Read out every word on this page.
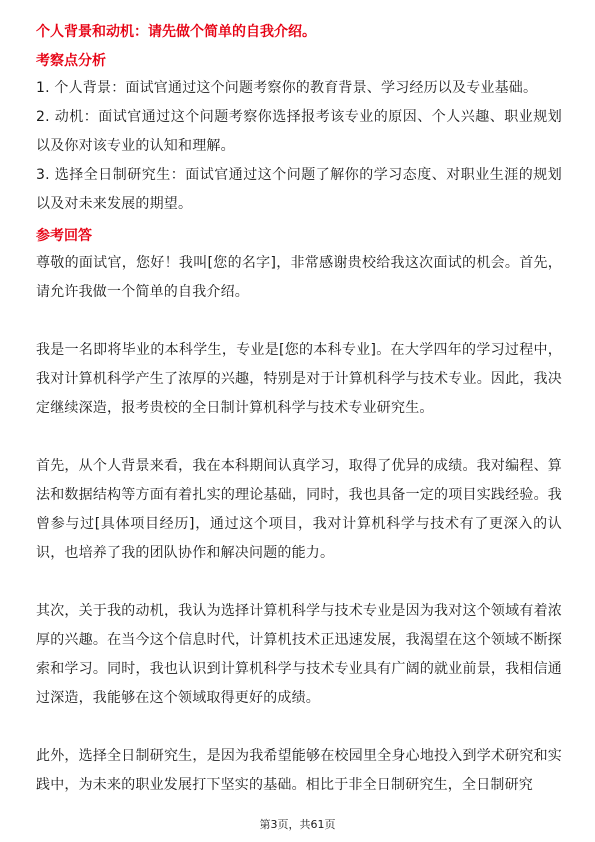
个人背景和动机：请先做个简单的自我介绍。

考察点分析

1. 个人背景：面试官通过这个问题考察你的教育背景、学习经历以及专业基础。

2. 动机：面试官通过这个问题考察你选择报考该专业的原因、个人兴趣、职业规划以及你对该专业的认知和理解。

3. 选择全日制研究生：面试官通过这个问题了解你的学习态度、对职业生涯的规划以及对未来发展的期望。

参考回答

尊敬的面试官，您好！我叫[您的名字]，非常感谢贵校给我这次面试的机会。首先，请允许我做一个简单的自我介绍。

我是一名即将毕业的本科学生，专业是[您的本科专业]。在大学四年的学习过程中，我对计算机科学产生了浓厚的兴趣，特别是对于计算机科学与技术专业。因此，我决定继续深造，报考贵校的全日制计算机科学与技术专业研究生。

首先，从个人背景来看，我在本科期间认真学习，取得了优异的成绩。我对编程、算法和数据结构等方面有着扎实的理论基础，同时，我也具备一定的项目实践经验。我曾参与过[具体项目经历]，通过这个项目，我对计算机科学与技术有了更深入的认识，也培养了我的团队协作和解决问题的能力。

其次，关于我的动机，我认为选择计算机科学与技术专业是因为我对这个领域有着浓厚的兴趣。在当今这个信息时代，计算机技术正迅速发展，我渴望在这个领域不断探索和学习。同时，我也认识到计算机科学与技术专业具有广阔的就业前景，我相信通过深造，我能够在这个领域取得更好的成绩。

此外，选择全日制研究生，是因为我希望能够在校园里全身心地投入到学术研究和实践中，为未来的职业发展打下坚实的基础。相比于非全日制研究生，全日制研究

第3页，共61页
